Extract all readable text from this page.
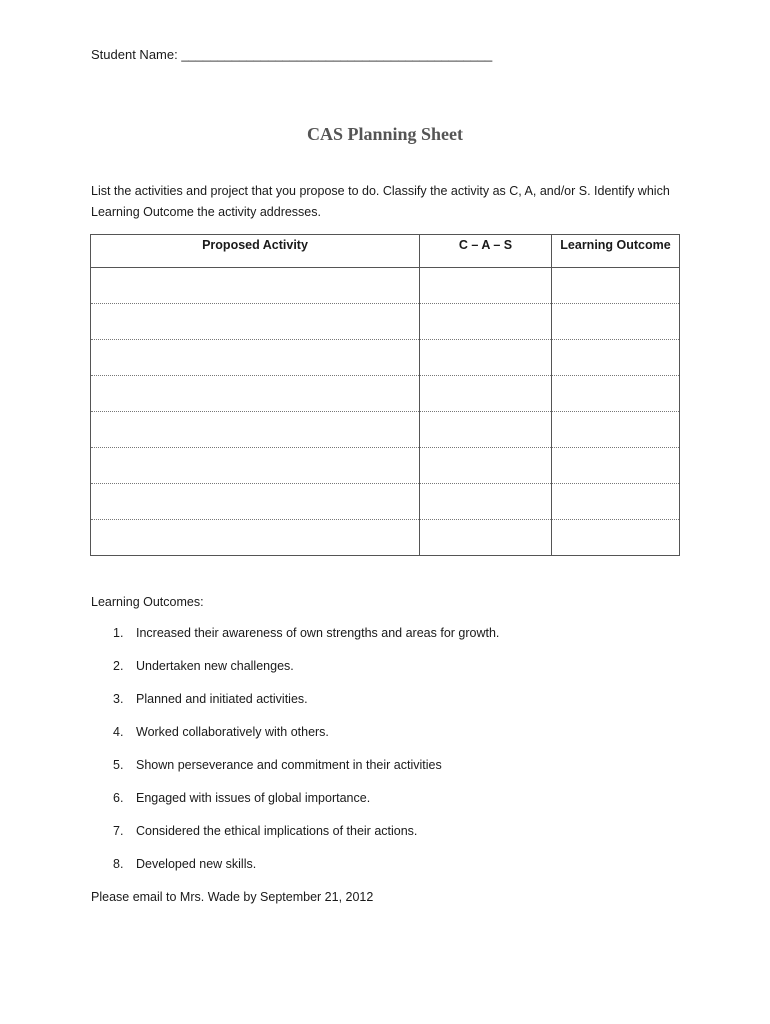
Student Name: ___________________________________________
CAS Planning Sheet
List the activities and project that you propose to do. Classify the activity as C, A, and/or S. Identify which Learning Outcome the activity addresses.
Proposed Activity	C – A – S	Learning Outcome

Learning Outcomes:
1. Increased their awareness of own strengths and areas for growth.
2. Undertaken new challenges.
3. Planned and initiated activities.
4. Worked collaboratively with others.
5. Shown perseverance and commitment in their activities
6. Engaged with issues of global importance.
7. Considered the ethical implications of their actions.
8. Developed new skills.
Please email to Mrs. Wade by September 21, 2012
